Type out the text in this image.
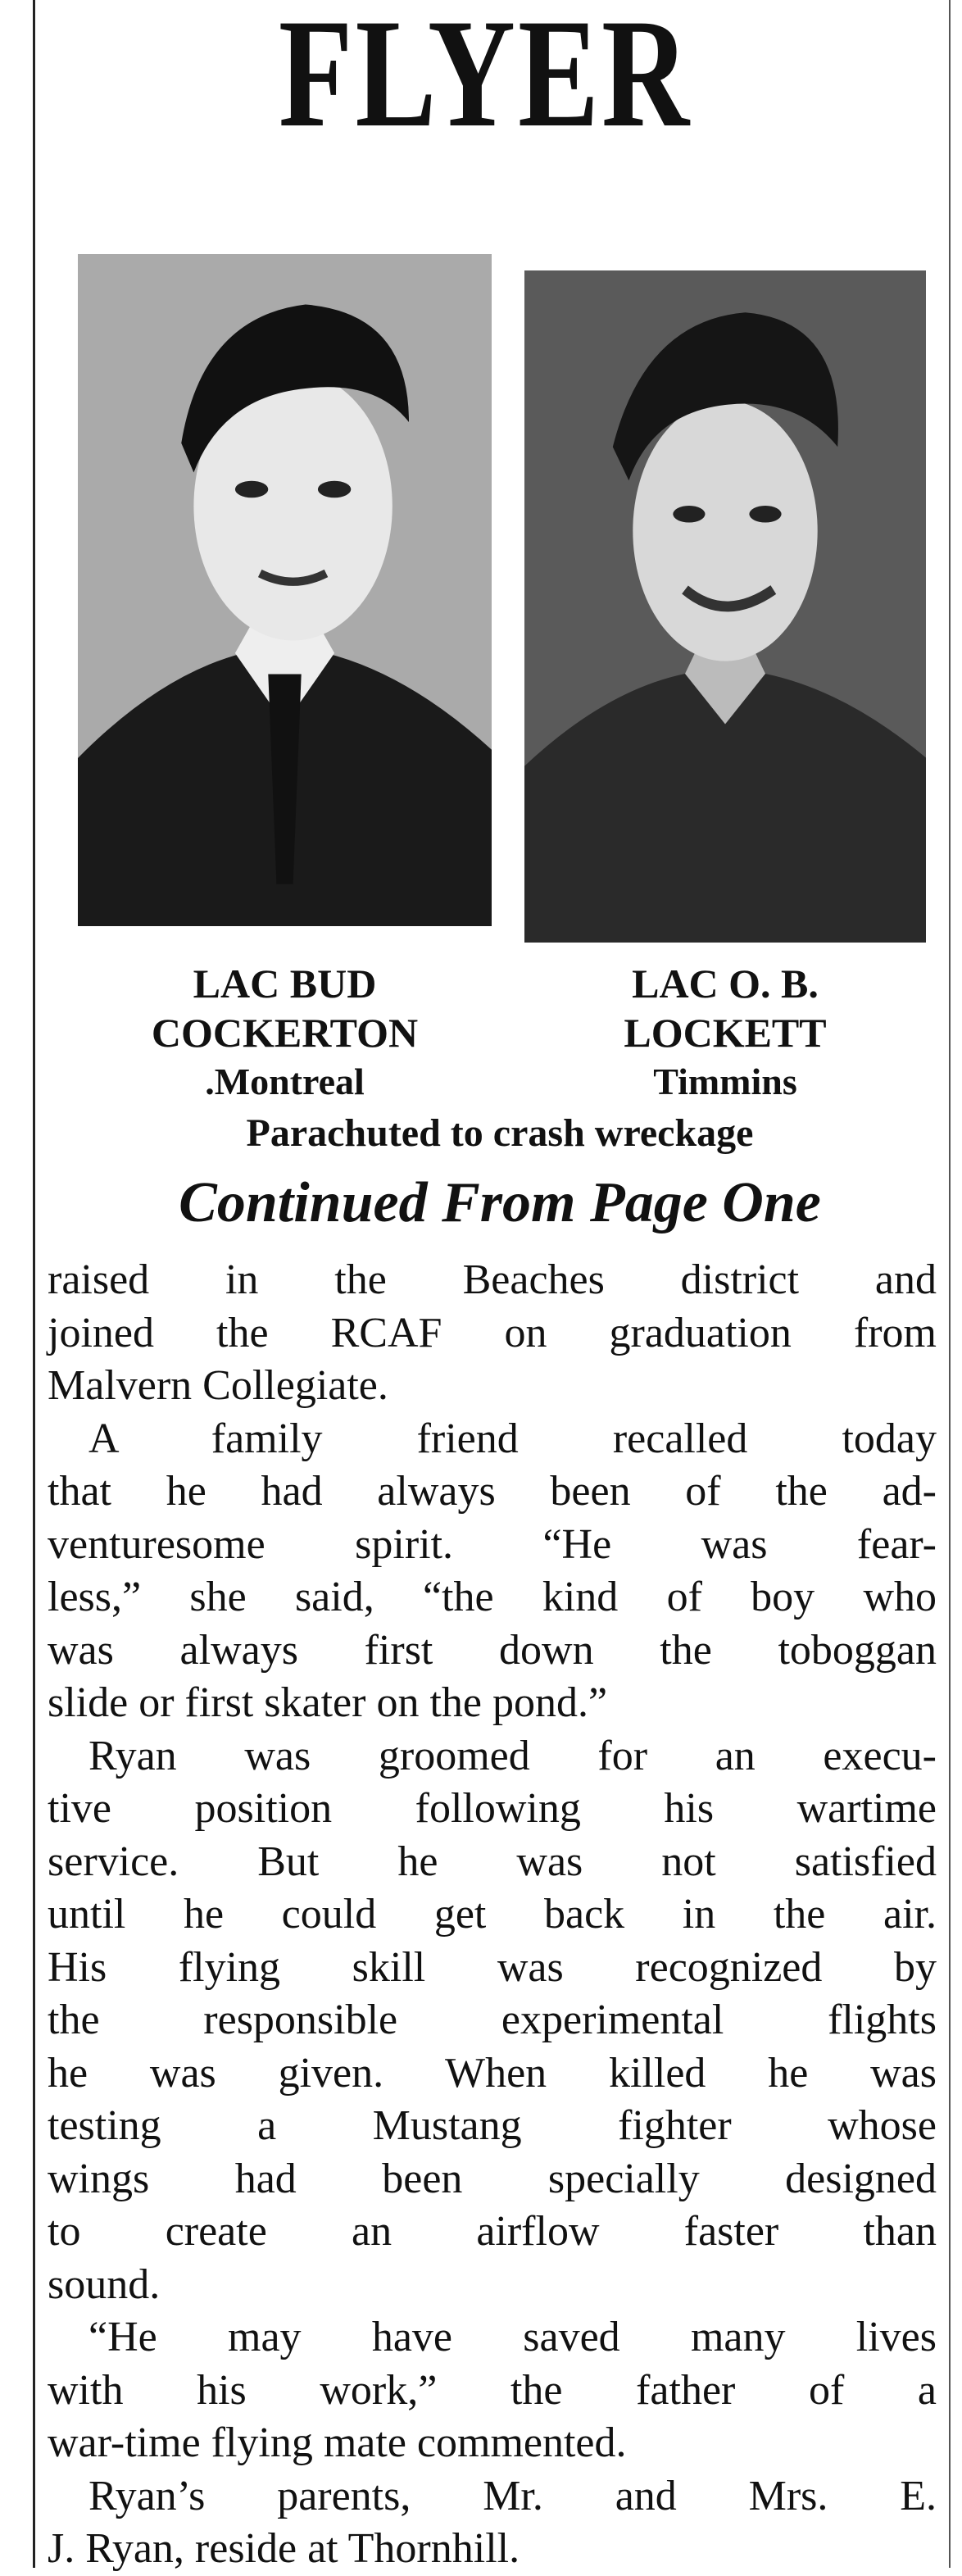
FLYER
LAC BUD
COCKERTON
.Montreal
LAC O. B.
LOCKETT
Timmins
Parachuted to crash wreckage
Continued From Page One
raised in the Beaches district and
joined the RCAF on graduation from
Malvern Collegiate.
A family friend recalled today
that he had always been of the ad-
venturesome spirit. “He was fear-
less,” she said, “the kind of boy who
was always first down the toboggan
slide or first skater on the pond.”
Ryan was groomed for an execu-
tive position following his wartime
service. But he was not satisfied
until he could get back in the air.
His flying skill was recognized by
the responsible experimental flights
he was given. When killed he was
testing a Mustang fighter whose
wings had been specially designed
to create an airflow faster than
sound.
“He may have saved many lives
with his work,” the father of a
war-time flying mate commented.
Ryan’s parents, Mr. and Mrs. E.
J. Ryan, reside at Thornhill.
